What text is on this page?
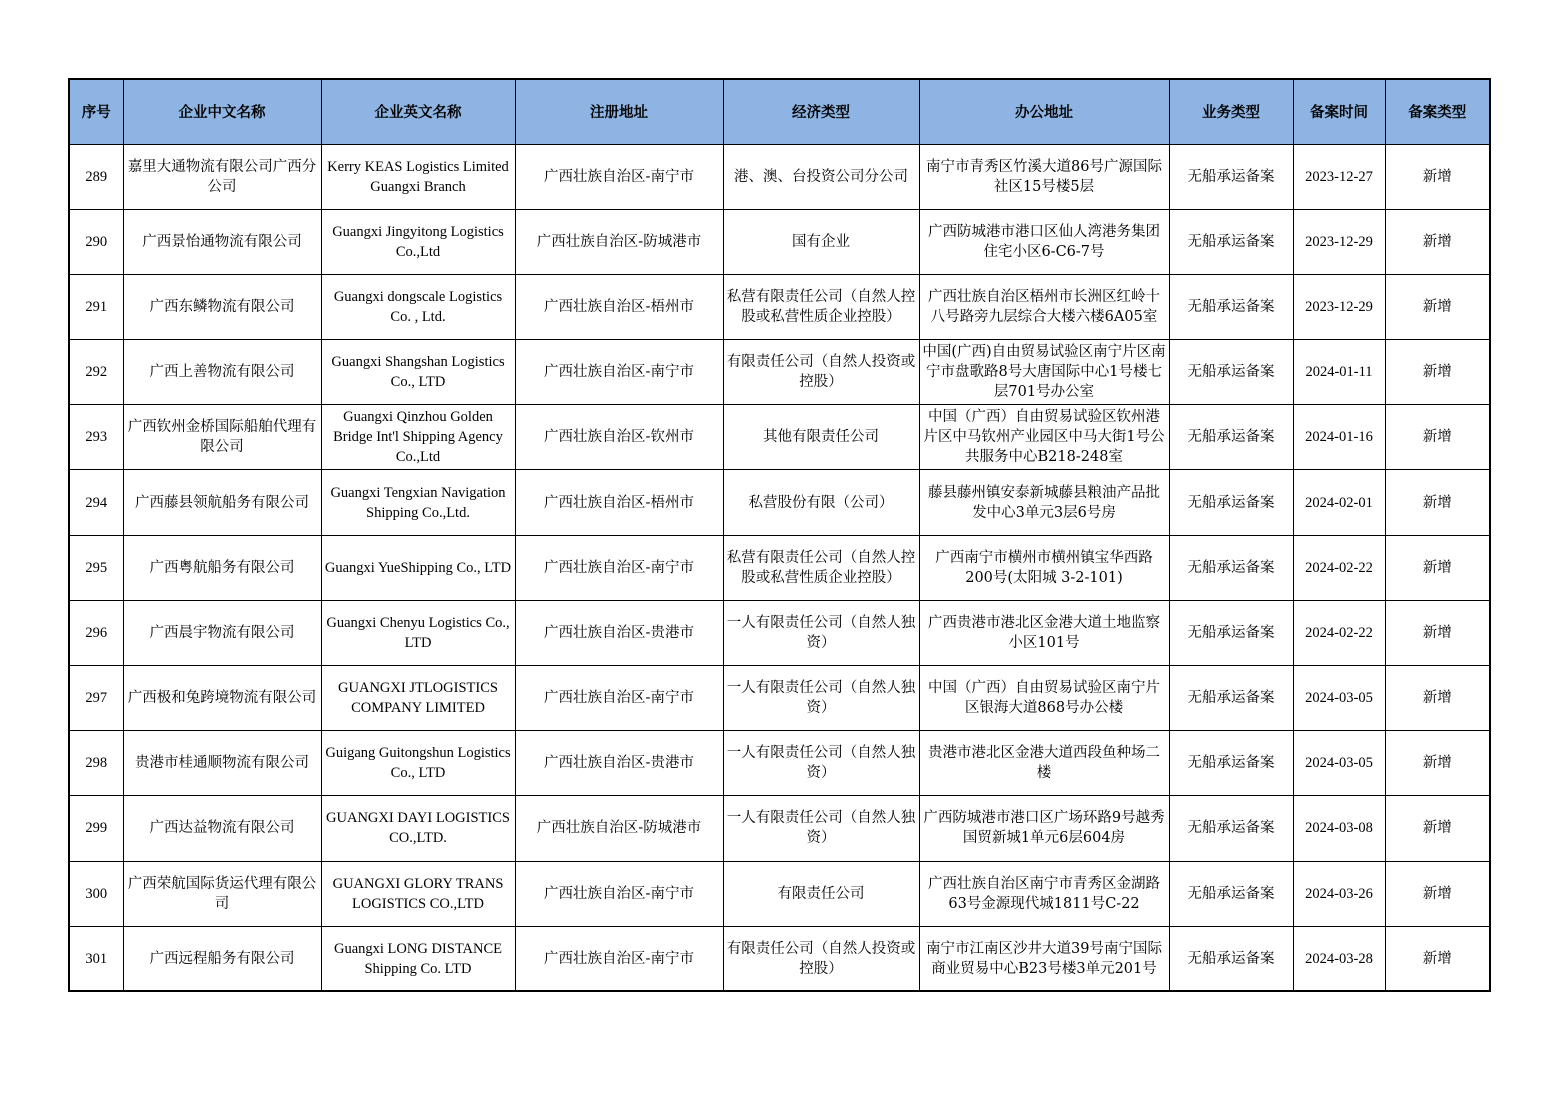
序号	企业中文名称	企业英文名称	注册地址	经济类型	办公地址	业务类型	备案时间	备案类型
289	嘉里大通物流有限公司广西分公司	Kerry KEAS Logistics Limited Guangxi Branch	广西壮族自治区-南宁市	港、澳、台投资公司分公司	南宁市青秀区竹溪大道86号广源国际社区15号楼5层	无船承运备案	2023-12-27	新增
290	广西景怡通物流有限公司	Guangxi Jingyitong Logistics Co.,Ltd	广西壮族自治区-防城港市	国有企业	广西防城港市港口区仙人湾港务集团住宅小区6-C6-7号	无船承运备案	2023-12-29	新增
291	广西东鳞物流有限公司	Guangxi dongscale Logistics Co. , Ltd.	广西壮族自治区-梧州市	私营有限责任公司（自然人控股或私营性质企业控股）	广西壮族自治区梧州市长洲区红岭十八号路旁九层综合大楼六楼6A05室	无船承运备案	2023-12-29	新增
292	广西上善物流有限公司	Guangxi Shangshan Logistics Co., LTD	广西壮族自治区-南宁市	有限责任公司（自然人投资或控股）	中国(广西)自由贸易试验区南宁片区南宁市盘歌路8号大唐国际中心1号楼七层701号办公室	无船承运备案	2024-01-11	新增
293	广西钦州金桥国际船舶代理有限公司	Guangxi Qinzhou Golden Bridge Int'l Shipping Agency Co.,Ltd	广西壮族自治区-钦州市	其他有限责任公司	中国（广西）自由贸易试验区钦州港片区中马钦州产业园区中马大街1号公共服务中心B218-248室	无船承运备案	2024-01-16	新增
294	广西藤县领航船务有限公司	Guangxi Tengxian Navigation Shipping Co.,Ltd.	广西壮族自治区-梧州市	私营股份有限（公司）	藤县藤州镇安泰新城藤县粮油产品批发中心3单元3层6号房	无船承运备案	2024-02-01	新增
295	广西粤航船务有限公司	Guangxi YueShipping Co., LTD	广西壮族自治区-南宁市	私营有限责任公司（自然人控股或私营性质企业控股）	广西南宁市横州市横州镇宝华西路200号(太阳城 3-2-101)	无船承运备案	2024-02-22	新增
296	广西晨宇物流有限公司	Guangxi Chenyu Logistics Co., LTD	广西壮族自治区-贵港市	一人有限责任公司（自然人独资）	广西贵港市港北区金港大道土地监察小区101号	无船承运备案	2024-02-22	新增
297	广西极和兔跨境物流有限公司	GUANGXI JTLOGISTICS COMPANY LIMITED	广西壮族自治区-南宁市	一人有限责任公司（自然人独资）	中国（广西）自由贸易试验区南宁片区银海大道868号办公楼	无船承运备案	2024-03-05	新增
298	贵港市桂通顺物流有限公司	Guigang Guitongshun Logistics Co., LTD	广西壮族自治区-贵港市	一人有限责任公司（自然人独资）	贵港市港北区金港大道西段鱼种场二楼	无船承运备案	2024-03-05	新增
299	广西达益物流有限公司	GUANGXI DAYI LOGISTICS CO.,LTD.	广西壮族自治区-防城港市	一人有限责任公司（自然人独资）	广西防城港市港口区广场环路9号越秀国贸新城1单元6层604房	无船承运备案	2024-03-08	新增
300	广西荣航国际货运代理有限公司	GUANGXI GLORY TRANS LOGISTICS CO.,LTD	广西壮族自治区-南宁市	有限责任公司	广西壮族自治区南宁市青秀区金湖路63号金源现代城1811号C-22	无船承运备案	2024-03-26	新增
301	广西远程船务有限公司	Guangxi LONG DISTANCE Shipping Co. LTD	广西壮族自治区-南宁市	有限责任公司（自然人投资或控股）	南宁市江南区沙井大道39号南宁国际商业贸易中心B23号楼3单元201号	无船承运备案	2024-03-28	新增
